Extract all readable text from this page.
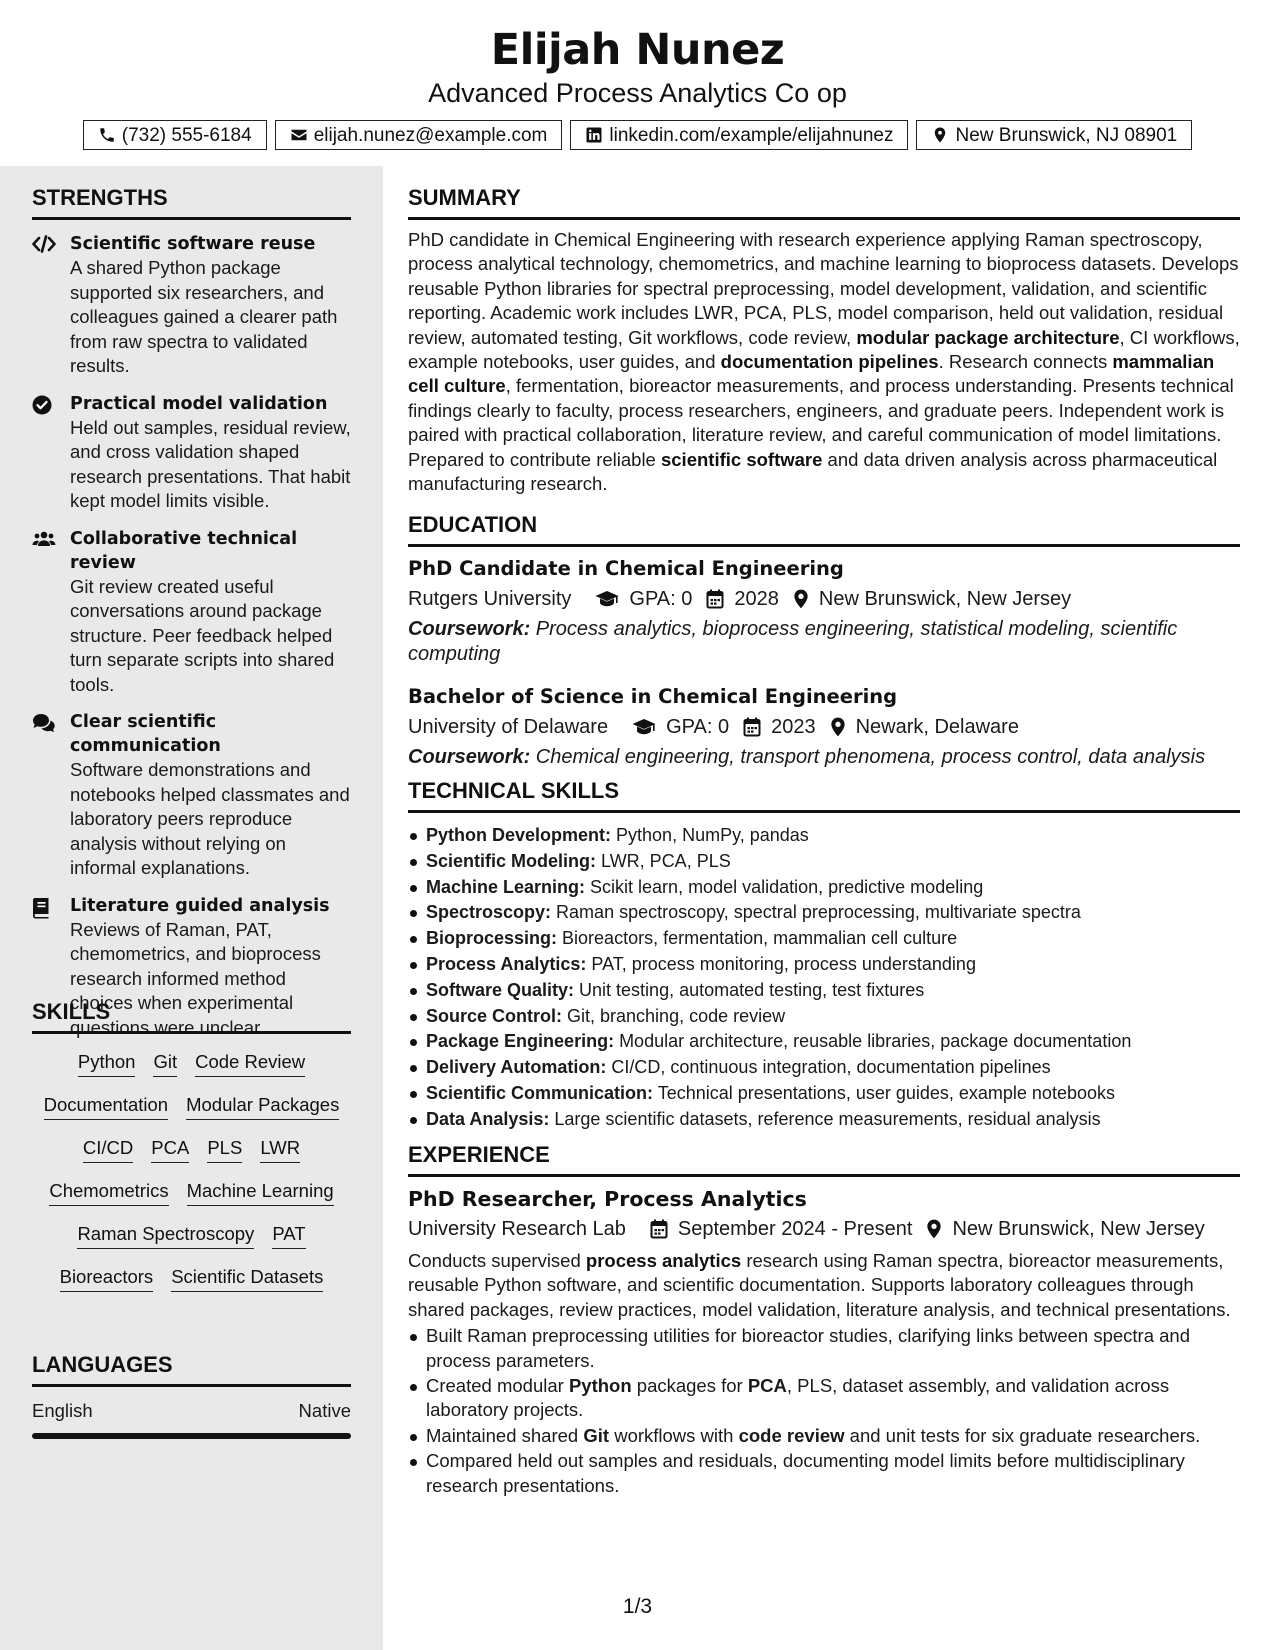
Elijah Nunez
Advanced Process Analytics Co op
(732) 555-6184	elijah.nunez@example.com	linkedin.com/example/elijahnunez	New Brunswick, NJ 08901
STRENGTHS
Scientific software reuse
A shared Python package supported six researchers, and colleagues gained a clearer path from raw spectra to validated results.
Practical model validation
Held out samples, residual review, and cross validation shaped research presentations. That habit kept model limits visible.
Collaborative technical review
Git review created useful conversations around package structure. Peer feedback helped turn separate scripts into shared tools.
Clear scientific communication
Software demonstrations and notebooks helped classmates and laboratory peers reproduce analysis without relying on informal explanations.
Literature guided analysis
Reviews of Raman, PAT, chemometrics, and bioprocess research informed method choices when experimental questions were unclear.
SKILLS
Python Git Code Review
Documentation Modular Packages
CI/CD PCA PLS LWR
Chemometrics Machine Learning
Raman Spectroscopy PAT
Bioreactors Scientific Datasets
LANGUAGES
English	Native
SUMMARY
PhD candidate in Chemical Engineering with research experience applying Raman spectroscopy, process analytical technology, chemometrics, and machine learning to bioprocess datasets. Develops reusable Python libraries for spectral preprocessing, model development, validation, and scientific reporting. Academic work includes LWR, PCA, PLS, model comparison, held out validation, residual review, automated testing, Git workflows, code review, modular package architecture, CI workflows, example notebooks, user guides, and documentation pipelines. Research connects mammalian cell culture, fermentation, bioreactor measurements, and process understanding. Presents technical findings clearly to faculty, process researchers, engineers, and graduate peers. Independent work is paired with practical collaboration, literature review, and careful communication of model limitations. Prepared to contribute reliable scientific software and data driven analysis across pharmaceutical manufacturing research.
EDUCATION
PhD Candidate in Chemical Engineering
Rutgers University	GPA: 0 2028 New Brunswick, New Jersey
Coursework: Process analytics, bioprocess engineering, statistical modeling, scientific computing
Bachelor of Science in Chemical Engineering
University of Delaware	GPA: 0 2023 Newark, Delaware
Coursework: Chemical engineering, transport phenomena, process control, data analysis
TECHNICAL SKILLS
Python Development: Python, NumPy, pandas
Scientific Modeling: LWR, PCA, PLS
Machine Learning: Scikit learn, model validation, predictive modeling
Spectroscopy: Raman spectroscopy, spectral preprocessing, multivariate spectra
Bioprocessing: Bioreactors, fermentation, mammalian cell culture
Process Analytics: PAT, process monitoring, process understanding
Software Quality: Unit testing, automated testing, test fixtures
Source Control: Git, branching, code review
Package Engineering: Modular architecture, reusable libraries, package documentation
Delivery Automation: CI/CD, continuous integration, documentation pipelines
Scientific Communication: Technical presentations, user guides, example notebooks
Data Analysis: Large scientific datasets, reference measurements, residual analysis
EXPERIENCE
PhD Researcher, Process Analytics
University Research Lab	September 2024 - Present New Brunswick, New Jersey
Conducts supervised process analytics research using Raman spectra, bioreactor measurements, reusable Python software, and scientific documentation. Supports laboratory colleagues through shared packages, review practices, model validation, literature analysis, and technical presentations.
Built Raman preprocessing utilities for bioreactor studies, clarifying links between spectra and process parameters.
Created modular Python packages for PCA, PLS, dataset assembly, and validation across laboratory projects.
Maintained shared Git workflows with code review and unit tests for six graduate researchers.
Compared held out samples and residuals, documenting model limits before multidisciplinary research presentations.
1/3
